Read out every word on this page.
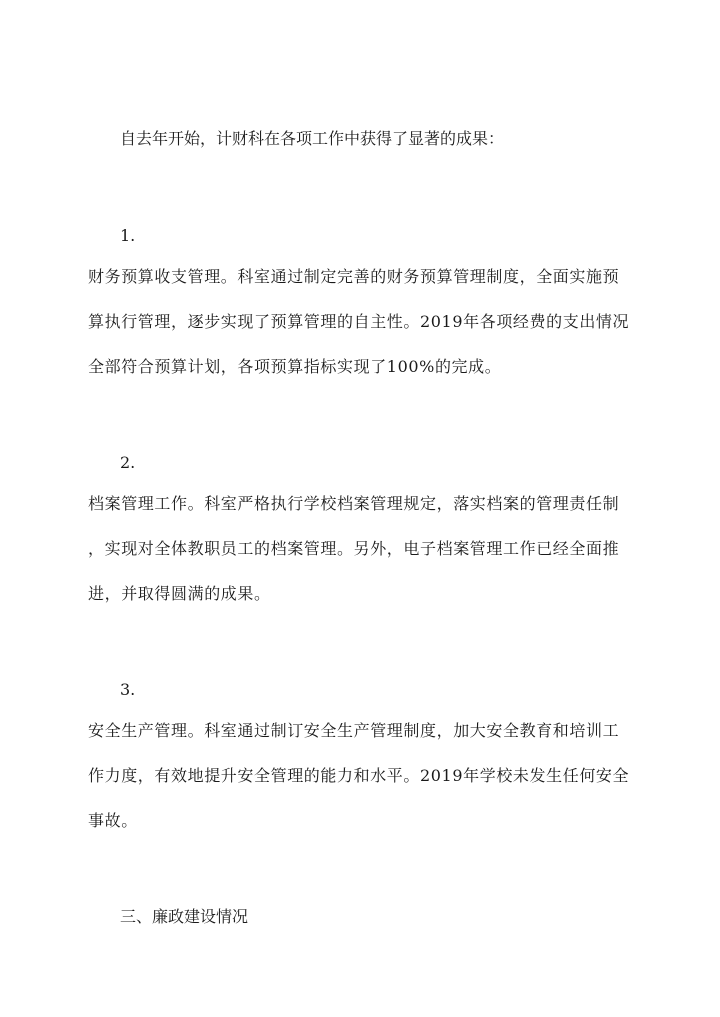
自去年开始，计财科在各项工作中获得了显著的成果：
1.
财务预算收支管理。科室通过制定完善的财务预算管理制度，全面实施预
算执行管理，逐步实现了预算管理的自主性。2019年各项经费的支出情况
全部符合预算计划，各项预算指标实现了100%的完成。
2.
档案管理工作。科室严格执行学校档案管理规定，落实档案的管理责任制
，实现对全体教职员工的档案管理。另外，电子档案管理工作已经全面推
进，并取得圆满的成果。
3.
安全生产管理。科室通过制订安全生产管理制度，加大安全教育和培训工
作力度，有效地提升安全管理的能力和水平。2019年学校未发生任何安全
事故。
三、廉政建设情况
